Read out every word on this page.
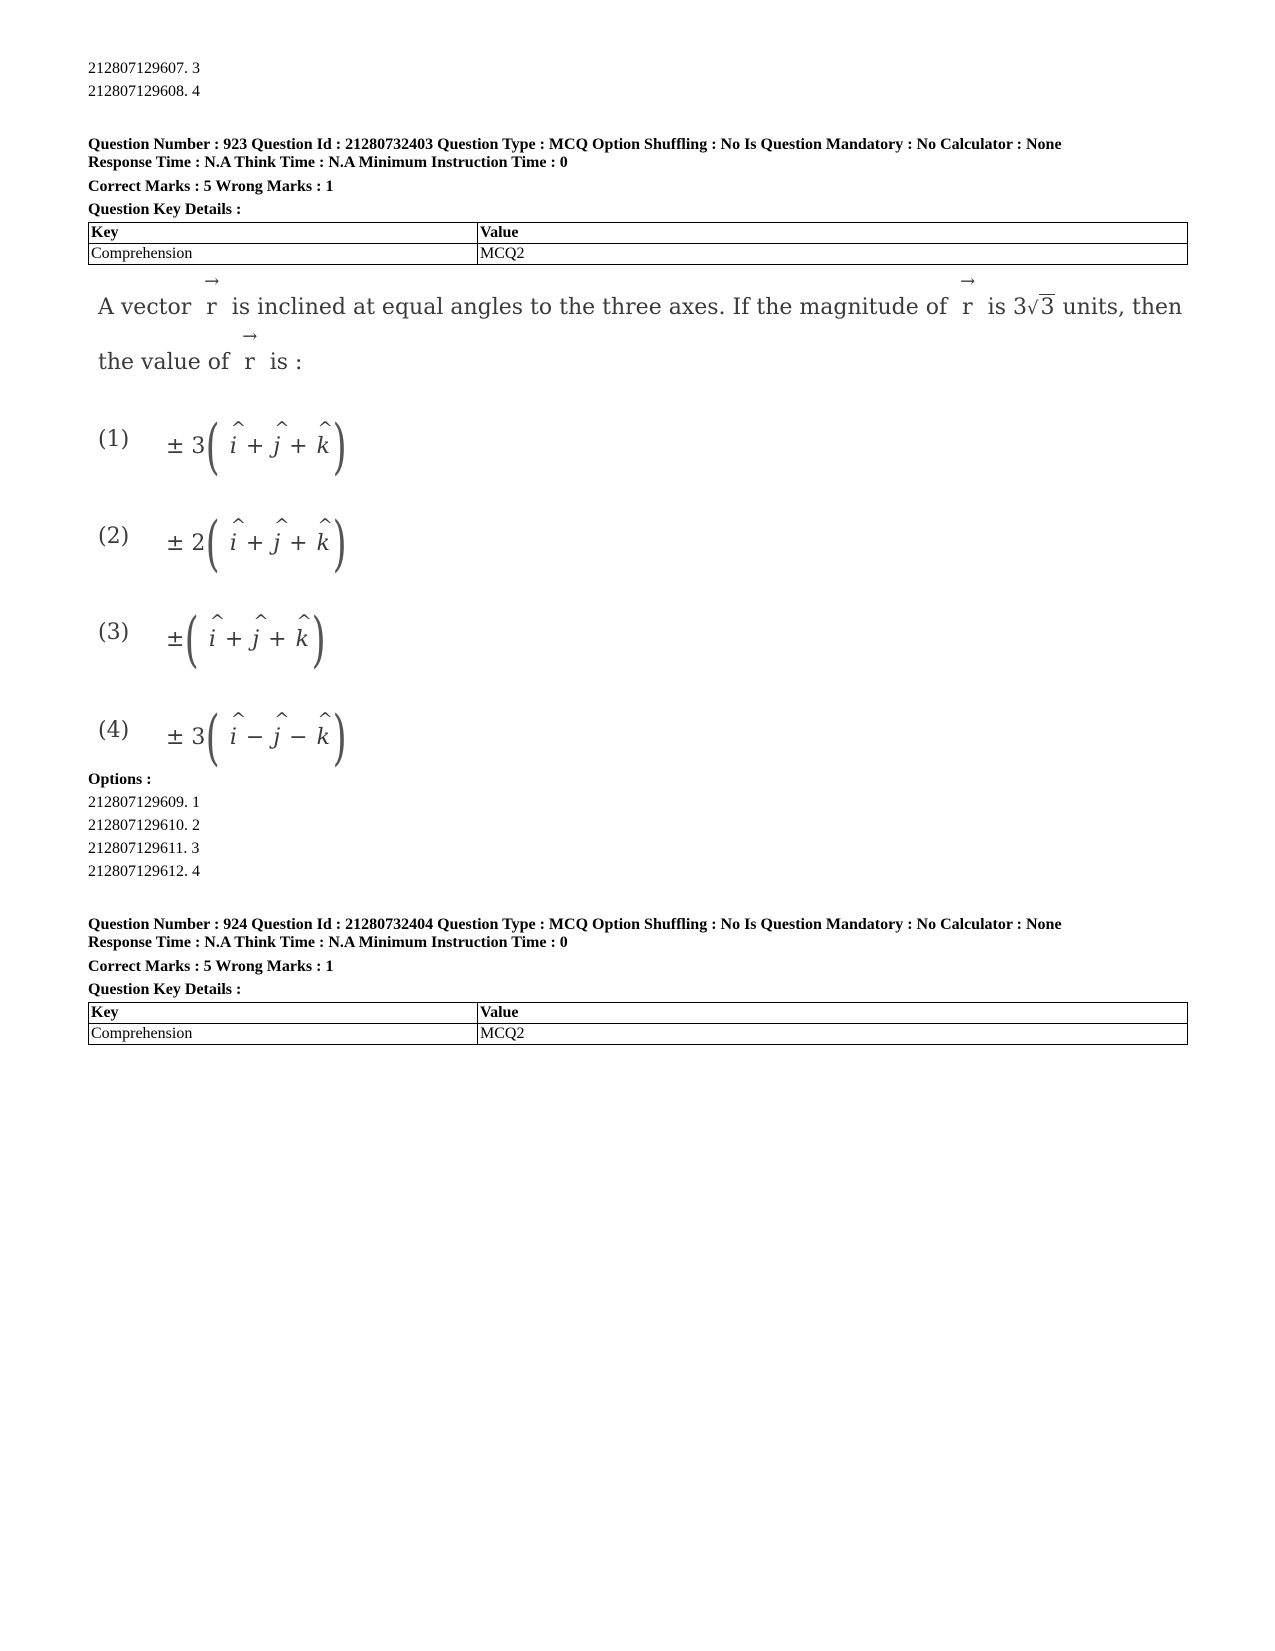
212807129607. 3
212807129608. 4
Question Number : 923 Question Id : 21280732403 Question Type : MCQ Option Shuffling : No Is Question Mandatory : No Calculator : None
Response Time : N.A Think Time : N.A Minimum Instruction Time : 0
Correct Marks : 5 Wrong Marks : 1
Question Key Details :
Key	Value
Comprehension	MCQ2
A vector
→
r is inclined at equal angles to the three axes. If the magnitude of
→
r is 3√3 units, then
the value of
→
r is :
(1) ± 3( ^ i + ^ j + ^ k)
(2) ± 2( ^ i + ^ j + ^ k)
(3) ±( ^ i + ^ j + ^ k)
(4) ± 3( ^ i − ^ j − ^ k)
Options :
212807129609. 1
212807129610. 2
212807129611. 3
212807129612. 4
Question Number : 924 Question Id : 21280732404 Question Type : MCQ Option Shuffling : No Is Question Mandatory : No Calculator : None
Response Time : N.A Think Time : N.A Minimum Instruction Time : 0
Correct Marks : 5 Wrong Marks : 1
Question Key Details :
Key	Value
Comprehension	MCQ2
